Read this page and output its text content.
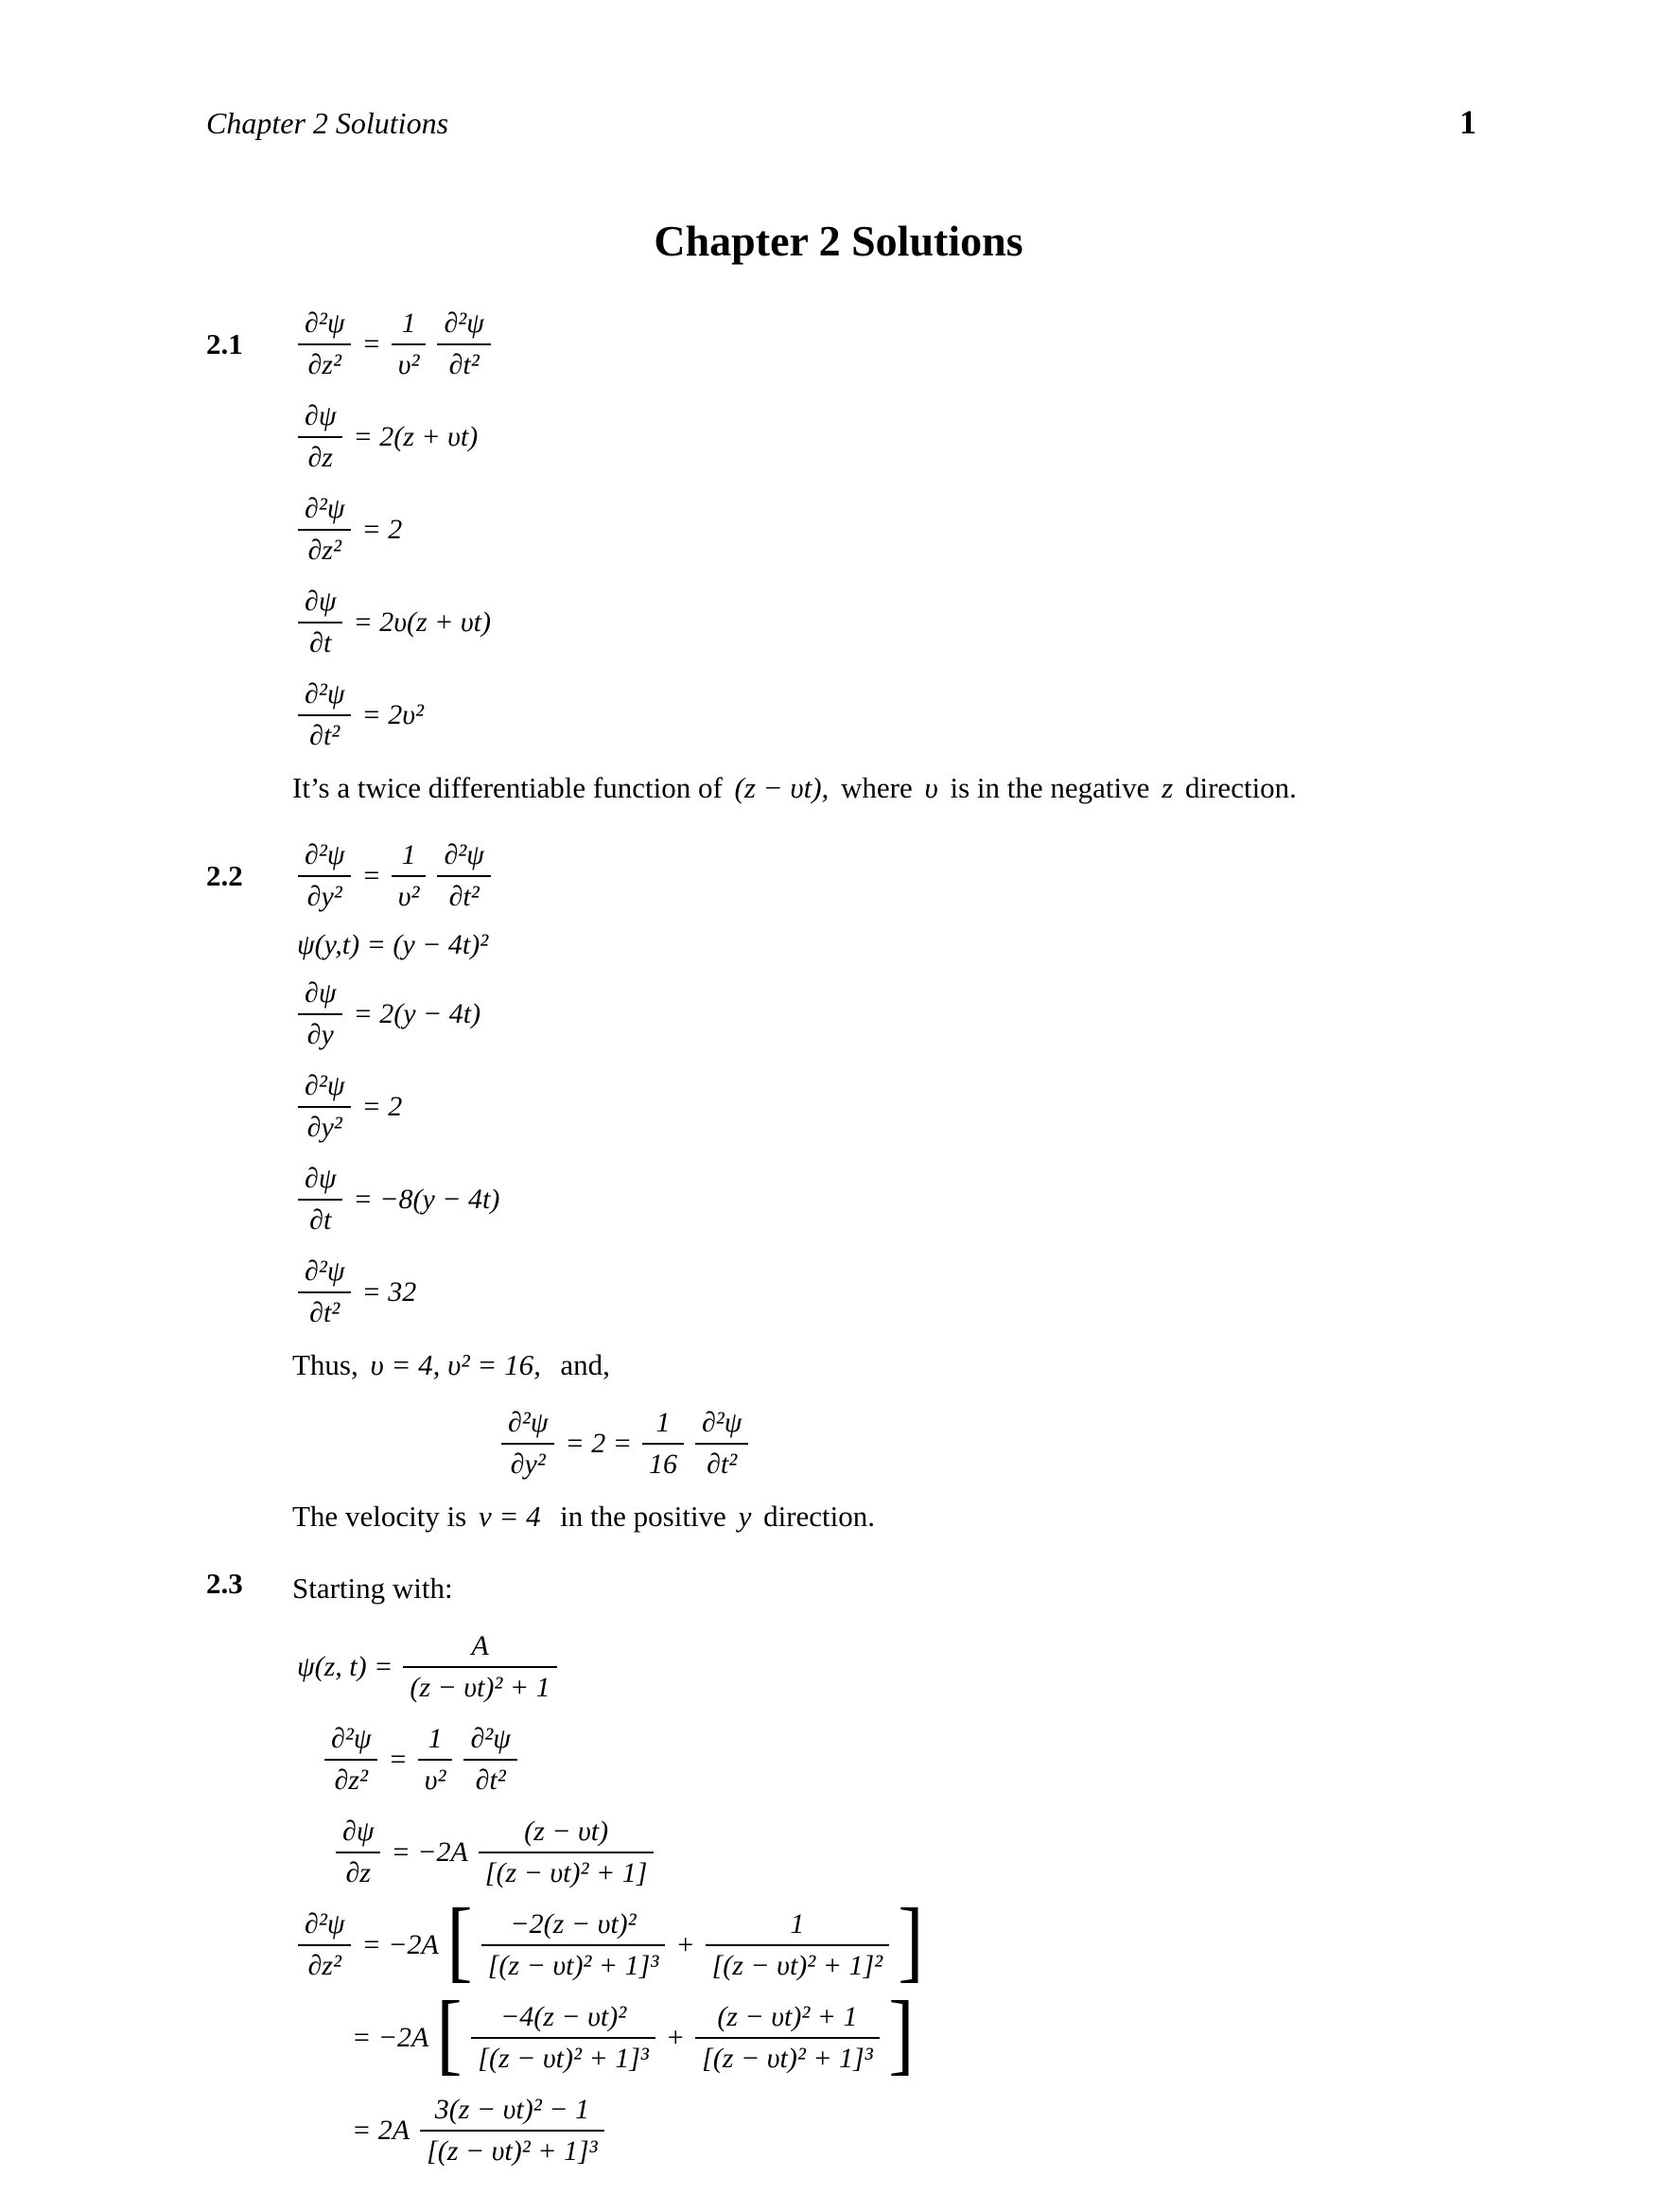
Chapter 2 Solutions	1
Chapter 2 Solutions
2.1	$\frac{\text{∂²ψ}}{\text{∂z²}} = \frac{1}{\text{υ²}} \frac{\text{∂²ψ}}{\text{∂t²}}$
$\frac{\partial\psi}{\partial z} = 2(z + \upsilon t)$
$\frac{\text{∂²ψ}}{\text{∂z²}} = 2$
$\frac{\partial\psi}{\partial t} = 2\upsilon(z + \upsilon t)$
$\frac{\text{∂²ψ}}{\text{∂t²}} = 2\upsilon^2$
It’s a twice differentiable function of (z − υt), where υ is in the negative z direction.
2.2	$\frac{\text{∂²ψ}}{\text{∂y²}} = \frac{1}{\text{υ²}} \frac{\text{∂²ψ}}{\text{∂t²}}$
ψ(y,t) = (y − 4t)²
$\frac{\partial\psi}{\partial y} = 2(y - 4t)$
$\frac{\text{∂²ψ}}{\text{∂y²}} = 2$
$\frac{\partial\psi}{\partial t} = -8(y - 4t)$
$\frac{\text{∂²ψ}}{\text{∂t²}} = 32$
Thus, υ = 4, υ² = 16, and,
$\frac{\text{∂²ψ}}{\text{∂y²}} = 2 = \frac{1}{16} \frac{\text{∂²ψ}}{\text{∂t²}}$
The velocity is v = 4 in the positive y direction.
2.3	Starting with:
ψ(z, $t) = \frac{A}{\text{(z − υt)² + 1}}$
$\frac{\text{∂²ψ}}{\text{∂z²}} = \frac{1}{\text{υ²}} \frac{\text{∂²ψ}}{\text{∂t²}}$
$\frac{\partial\psi}{\partial z} = -2A \frac{(z - \upsilon t)}{\text{[(z − υt)² + 1]}}$
$\frac{\text{∂²ψ}}{\text{∂z²}} = -2A$ [ $\frac{\text{−2(z − υt)²}}{\text{[(z − υt)² + 1]³}} + \frac{1}{\text{[(z − υt)² + 1]²}}$ ]
= −2A [ $\frac{\text{−4(z − υt)²}}{\text{[(z − υt)² + 1]³}} + \frac{\text{(z − υt)² + 1}}{\text{[(z − υt)² + 1]³}}$ ]
= $2A \frac{\text{3(z − υt)² − 1}}{\text{[(z − υt)² + 1]³}}$
